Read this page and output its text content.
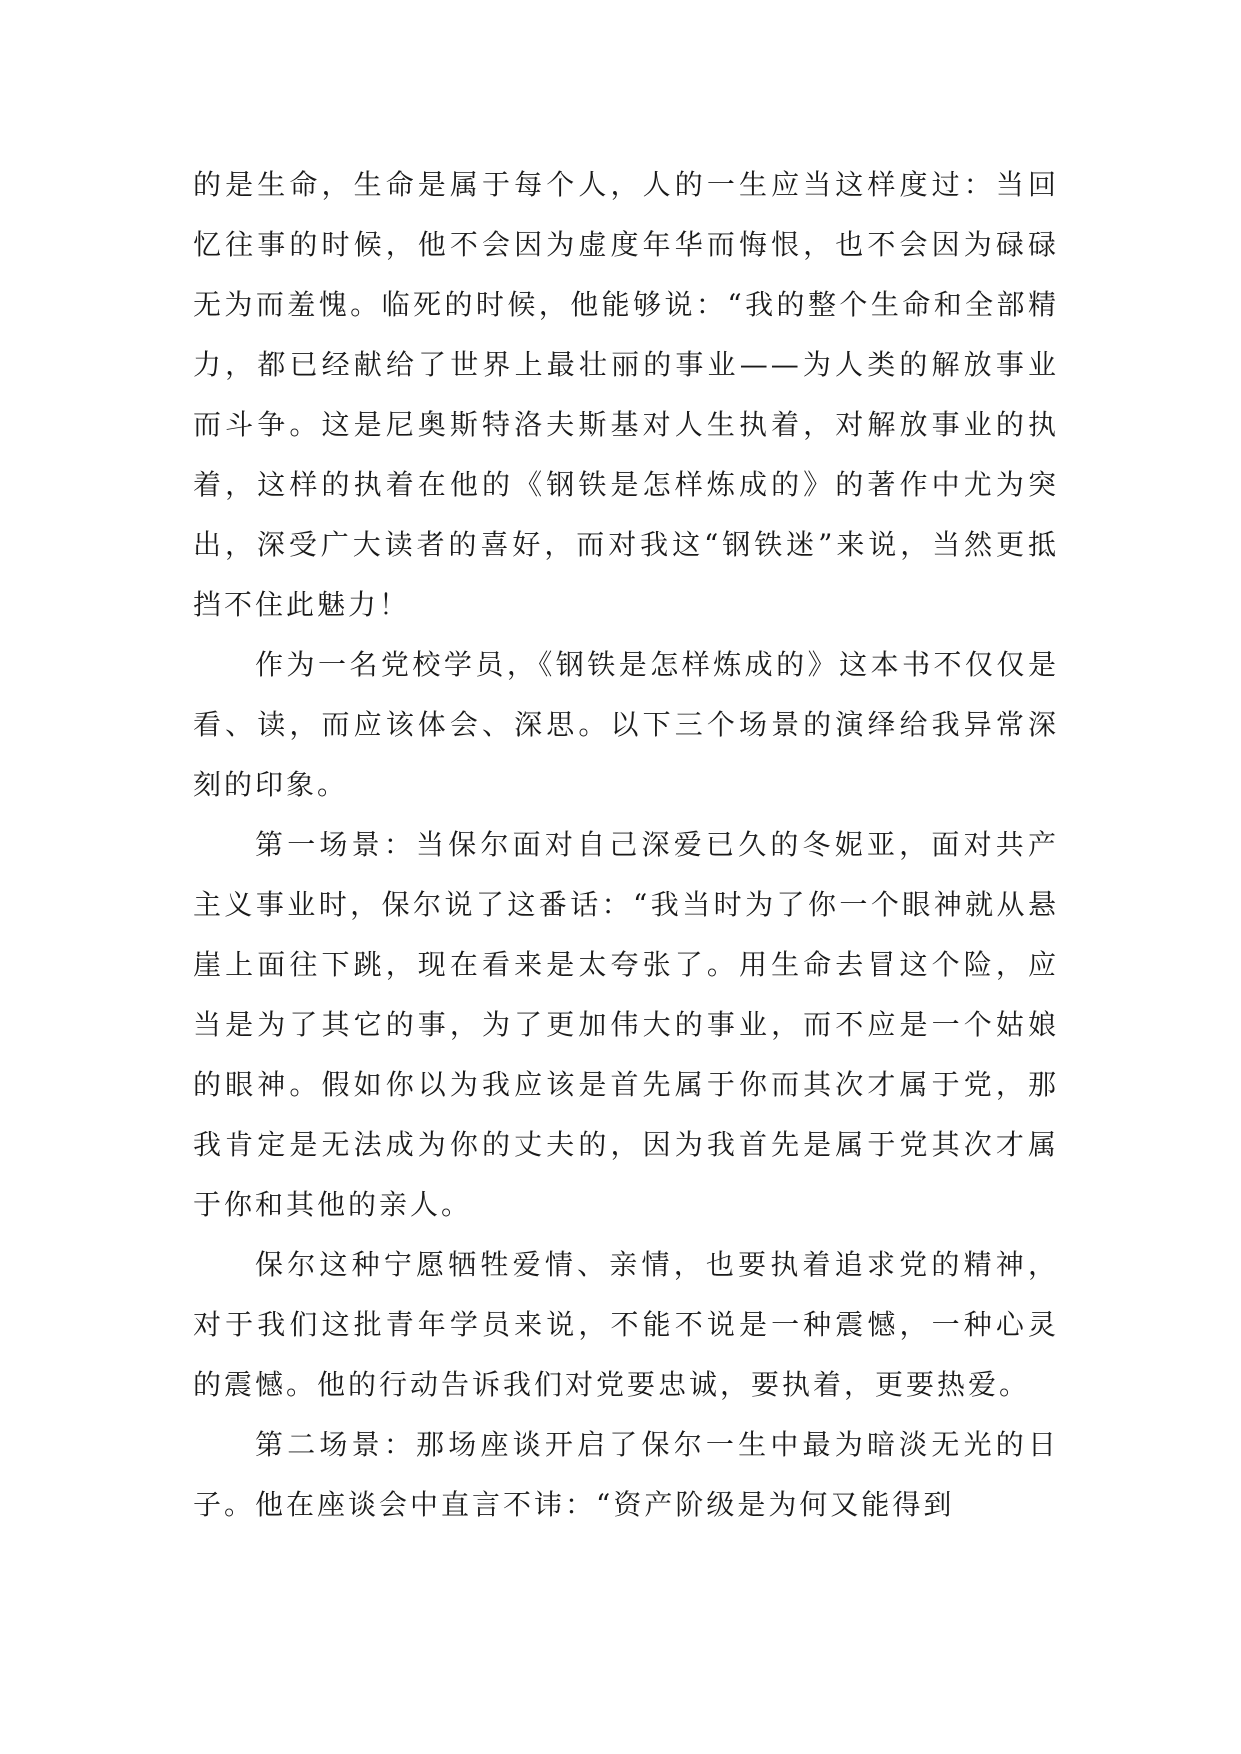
的是生命，生命是属于每个人，人的一生应当这样度过：当回忆往事的时候，他不会因为虚度年华而悔恨，也不会因为碌碌无为而羞愧。临死的时候，他能够说：“我的整个生命和全部精力，都已经献给了世界上最壮丽的事业——为人类的解放事业而斗争。这是尼奥斯特洛夫斯基对人生执着，对解放事业的执着，这样的执着在他的《钢铁是怎样炼成的》的著作中尤为突出，深受广大读者的喜好，而对我这“钢铁迷”来说，当然更抵挡不住此魅力！

作为一名党校学员，《钢铁是怎样炼成的》这本书不仅仅是看、读，而应该体会、深思。以下三个场景的演绎给我异常深刻的印象。

第一场景：当保尔面对自己深爱已久的冬妮亚，面对共产主义事业时，保尔说了这番话：“我当时为了你一个眼神就从悬崖上面往下跳，现在看来是太夸张了。用生命去冒这个险，应当是为了其它的事，为了更加伟大的事业，而不应是一个姑娘的眼神。假如你以为我应该是首先属于你而其次才属于党，那我肯定是无法成为你的丈夫的，因为我首先是属于党其次才属于你和其他的亲人。

保尔这种宁愿牺牲爱情、亲情，也要执着追求党的精神，对于我们这批青年学员来说，不能不说是一种震憾，一种心灵的震憾。他的行动告诉我们对党要忠诚，要执着，更要热爱。

第二场景：那场座谈开启了保尔一生中最为暗淡无光的日子。他在座谈会中直言不讳：“资产阶级是为何又能得到
